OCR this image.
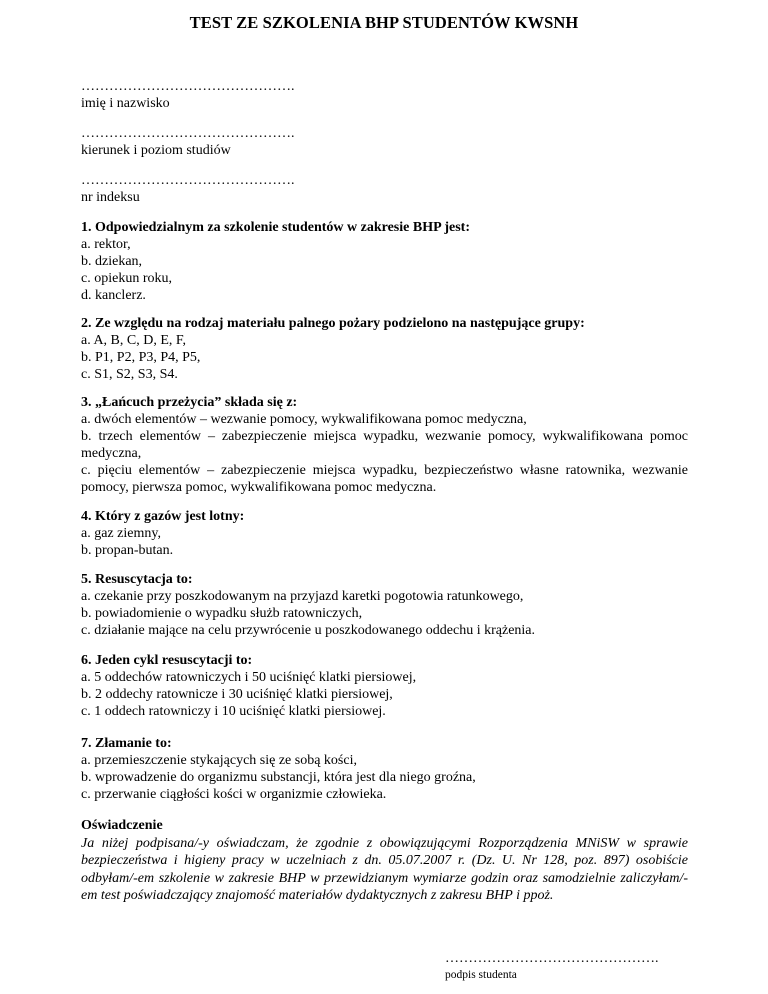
TEST ZE SZKOLENIA BHP STUDENTÓW KWSNH
……………………………………….
imię i nazwisko
……………………………………….
kierunek i poziom studiów
……………………………………….
nr indeksu
1. Odpowiedzialnym za szkolenie studentów w zakresie BHP jest:
a. rektor,
b. dziekan,
c. opiekun roku,
d. kanclerz.
2. Ze względu na rodzaj materiału palnego pożary podzielono na następujące grupy:
a. A, B, C, D, E, F,
b. P1, P2, P3, P4, P5,
c. S1, S2, S3, S4.
3. „Łańcuch przeżycia” składa się z:
a. dwóch elementów – wezwanie pomocy, wykwalifikowana pomoc medyczna,
b. trzech elementów – zabezpieczenie miejsca wypadku, wezwanie pomocy, wykwalifikowana pomoc medyczna,
c. pięciu elementów – zabezpieczenie miejsca wypadku, bezpieczeństwo własne ratownika, wezwanie pomocy, pierwsza pomoc, wykwalifikowana pomoc medyczna.
4. Który z gazów jest lotny:
a. gaz ziemny,
b. propan-butan.
5. Resuscytacja to:
a. czekanie przy poszkodowanym na przyjazd karetki pogotowia ratunkowego,
b. powiadomienie o wypadku służb ratowniczych,
c. działanie mające na celu przywrócenie u poszkodowanego oddechu i krążenia.
6. Jeden cykl resuscytacji to:
a. 5 oddechów ratowniczych i 50 uciśnięć klatki piersiowej,
b. 2 oddechy ratownicze i 30 uciśnięć klatki piersiowej,
c. 1 oddech ratowniczy i 10 uciśnięć klatki piersiowej.
7. Złamanie to:
a. przemieszczenie stykających się ze sobą kości,
b. wprowadzenie do organizmu substancji, która jest dla niego groźna,
c. przerwanie ciągłości kości w organizmie człowieka.
Oświadczenie
Ja niżej podpisana/-y oświadczam, że zgodnie z obowiązującymi Rozporządzenia MNiSW w sprawie bezpieczeństwa i higieny pracy w uczelniach z dn. 05.07.2007 r. (Dz. U. Nr 128, poz. 897) osobiście odbyłam/-em szkolenie w zakresie BHP w przewidzianym wymiarze godzin oraz samodzielnie zaliczyłam/-em test poświadczający znajomość materiałów dydaktycznych z zakresu BHP i ppoż.
……………………………………….
podpis studenta
